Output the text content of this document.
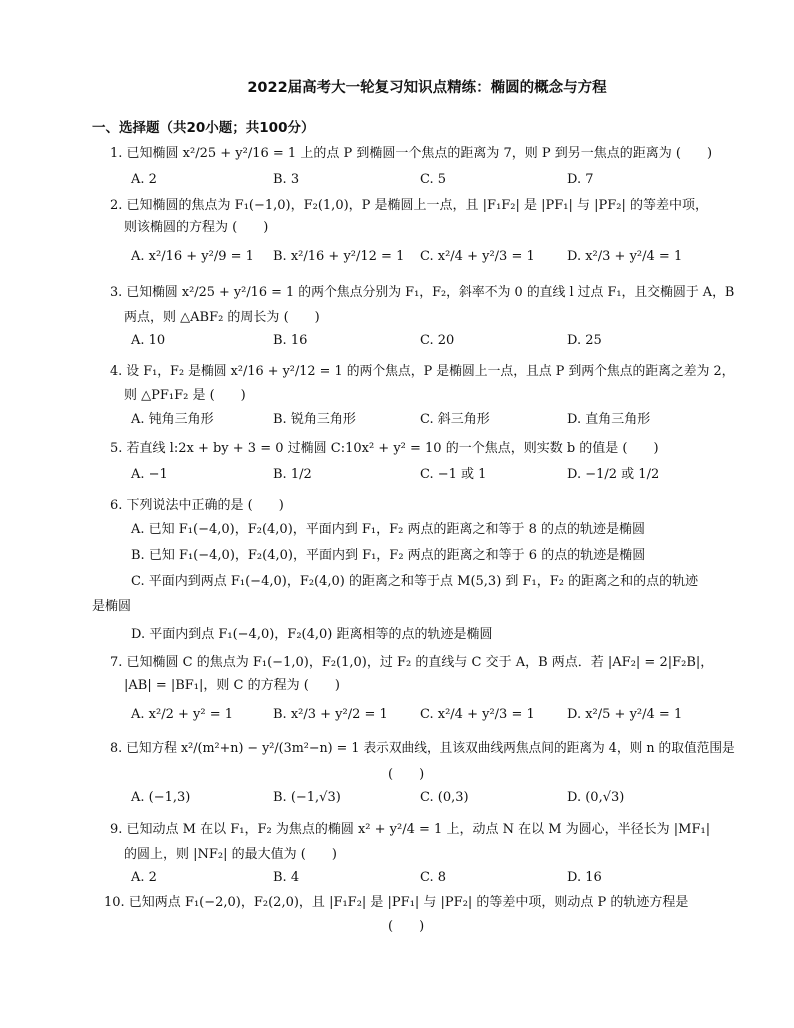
2022届高考大一轮复习知识点精练：椭圆的概念与方程
一、选择题（共20小题；共100分）
1. 已知椭圆 x²/25 + y²/16 = 1 上的点 P 到椭圆一个焦点的距离为 7，则 P 到另一焦点的距离为 (　　)
A. 2	B. 3	C. 5	D. 7
2. 已知椭圆的焦点为 F₁(−1,0)，F₂(1,0)，P 是椭圆上一点，且 |F₁F₂| 是 |PF₁| 与 |PF₂| 的等差中项，
则该椭圆的方程为 (　　)
A. x²/16 + y²/9 = 1 B. x²/16 + y²/12 = 1 C. x²/4 + y²/3 = 1 D. x²/3 + y²/4 = 1
3. 已知椭圆 x²/25 + y²/16 = 1 的两个焦点分别为 F₁，F₂，斜率不为 0 的直线 l 过点 F₁，且交椭圆于 A，B
两点，则 △ABF₂ 的周长为 (　　)
A. 10	B. 16	C. 20	D. 25
4. 设 F₁，F₂ 是椭圆 x²/16 + y²/12 = 1 的两个焦点，P 是椭圆上一点，且点 P 到两个焦点的距离之差为 2，
则 △PF₁F₂ 是 (　　)
A. 钝角三角形	B. 锐角三角形	C. 斜三角形	D. 直角三角形
5. 若直线 l:2x + by + 3 = 0 过椭圆 C:10x² + y² = 10 的一个焦点，则实数 b 的值是 (　　)
A. −1	B. 1/2	C. −1 或 1	D. −1/2 或 1/2
6. 下列说法中正确的是 (　　)
A. 已知 F₁(−4,0)，F₂(4,0)，平面内到 F₁，F₂ 两点的距离之和等于 8 的点的轨迹是椭圆
B. 已知 F₁(−4,0)，F₂(4,0)，平面内到 F₁，F₂ 两点的距离之和等于 6 的点的轨迹是椭圆
C. 平面内到两点 F₁(−4,0)，F₂(4,0) 的距离之和等于点 M(5,3) 到 F₁，F₂ 的距离之和的点的轨迹
是椭圆
D. 平面内到点 F₁(−4,0)，F₂(4,0) 距离相等的点的轨迹是椭圆
7. 已知椭圆 C 的焦点为 F₁(−1,0)，F₂(1,0)，过 F₂ 的直线与 C 交于 A，B 两点．若 |AF₂| = 2|F₂B|，
|AB| = |BF₁|，则 C 的方程为 (　　)
A. x²/2 + y² = 1	B. x²/3 + y²/2 = 1 C. x²/4 + y²/3 = 1 D. x²/5 + y²/4 = 1
8. 已知方程 x²/(m²+n) − y²/(3m²−n) = 1 表示双曲线，且该双曲线两焦点间的距离为 4，则 n 的取值范围是
(　　)
A. (−1,3)	B. (−1,√3)	C. (0,3)	D. (0,√3)
9. 已知动点 M 在以 F₁，F₂ 为焦点的椭圆 x² + y²/4 = 1 上，动点 N 在以 M 为圆心，半径长为 |MF₁|
的圆上，则 |NF₂| 的最大值为 (　　)
A. 2	B. 4	C. 8	D. 16
10. 已知两点 F₁(−2,0)，F₂(2,0)，且 |F₁F₂| 是 |PF₁| 与 |PF₂| 的等差中项，则动点 P 的轨迹方程是
(　　)
